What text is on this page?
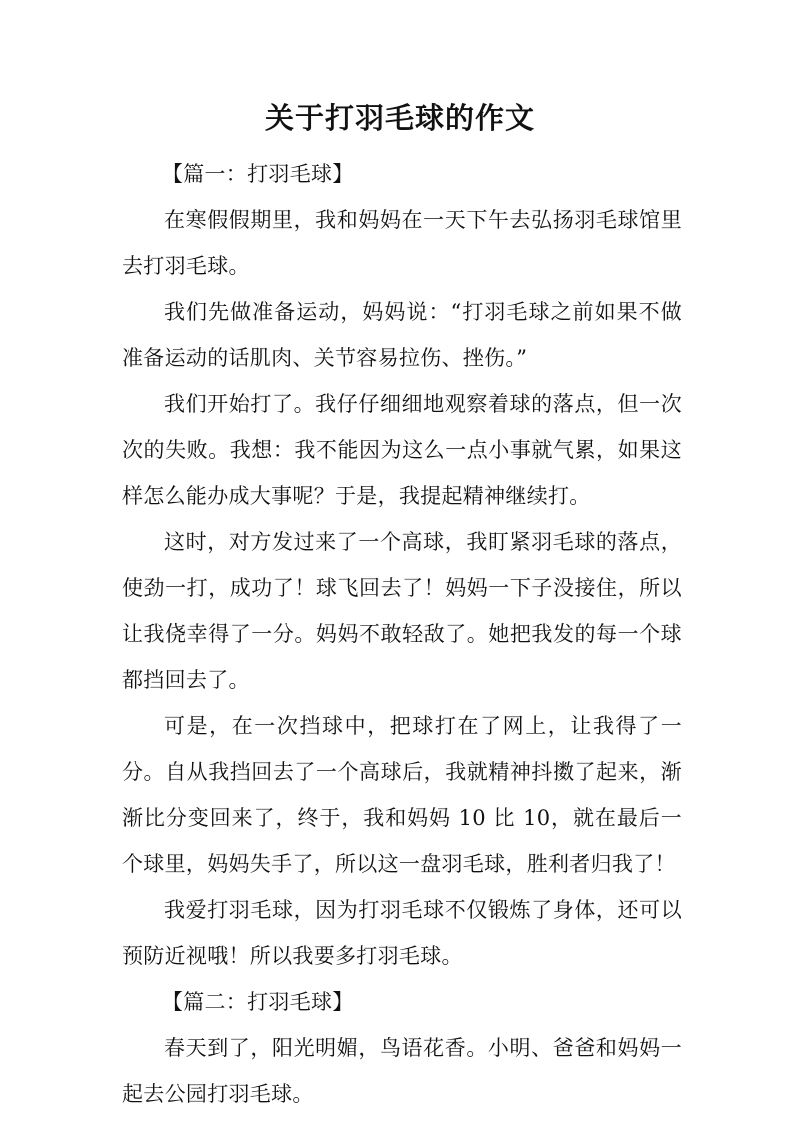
关于打羽毛球的作文

【篇一：打羽毛球】

在寒假假期里，我和妈妈在一天下午去弘扬羽毛球馆里去打羽毛球。

我们先做准备运动，妈妈说：“打羽毛球之前如果不做准备运动的话肌肉、关节容易拉伤、挫伤。”

我们开始打了。我仔仔细细地观察着球的落点，但一次次的失败。我想：我不能因为这么一点小事就气累，如果这样怎么能办成大事呢？于是，我提起精神继续打。

这时，对方发过来了一个高球，我盯紧羽毛球的落点，使劲一打，成功了！球飞回去了！妈妈一下子没接住，所以让我侥幸得了一分。妈妈不敢轻敌了。她把我发的每一个球都挡回去了。

可是，在一次挡球中，把球打在了网上，让我得了一分。自从我挡回去了一个高球后，我就精神抖擞了起来，渐渐比分变回来了，终于，我和妈妈 10 比 10，就在最后一个球里，妈妈失手了，所以这一盘羽毛球，胜利者归我了！

我爱打羽毛球，因为打羽毛球不仅锻炼了身体，还可以预防近视哦！所以我要多打羽毛球。

【篇二：打羽毛球】

春天到了，阳光明媚，鸟语花香。小明、爸爸和妈妈一起去公园打羽毛球。
